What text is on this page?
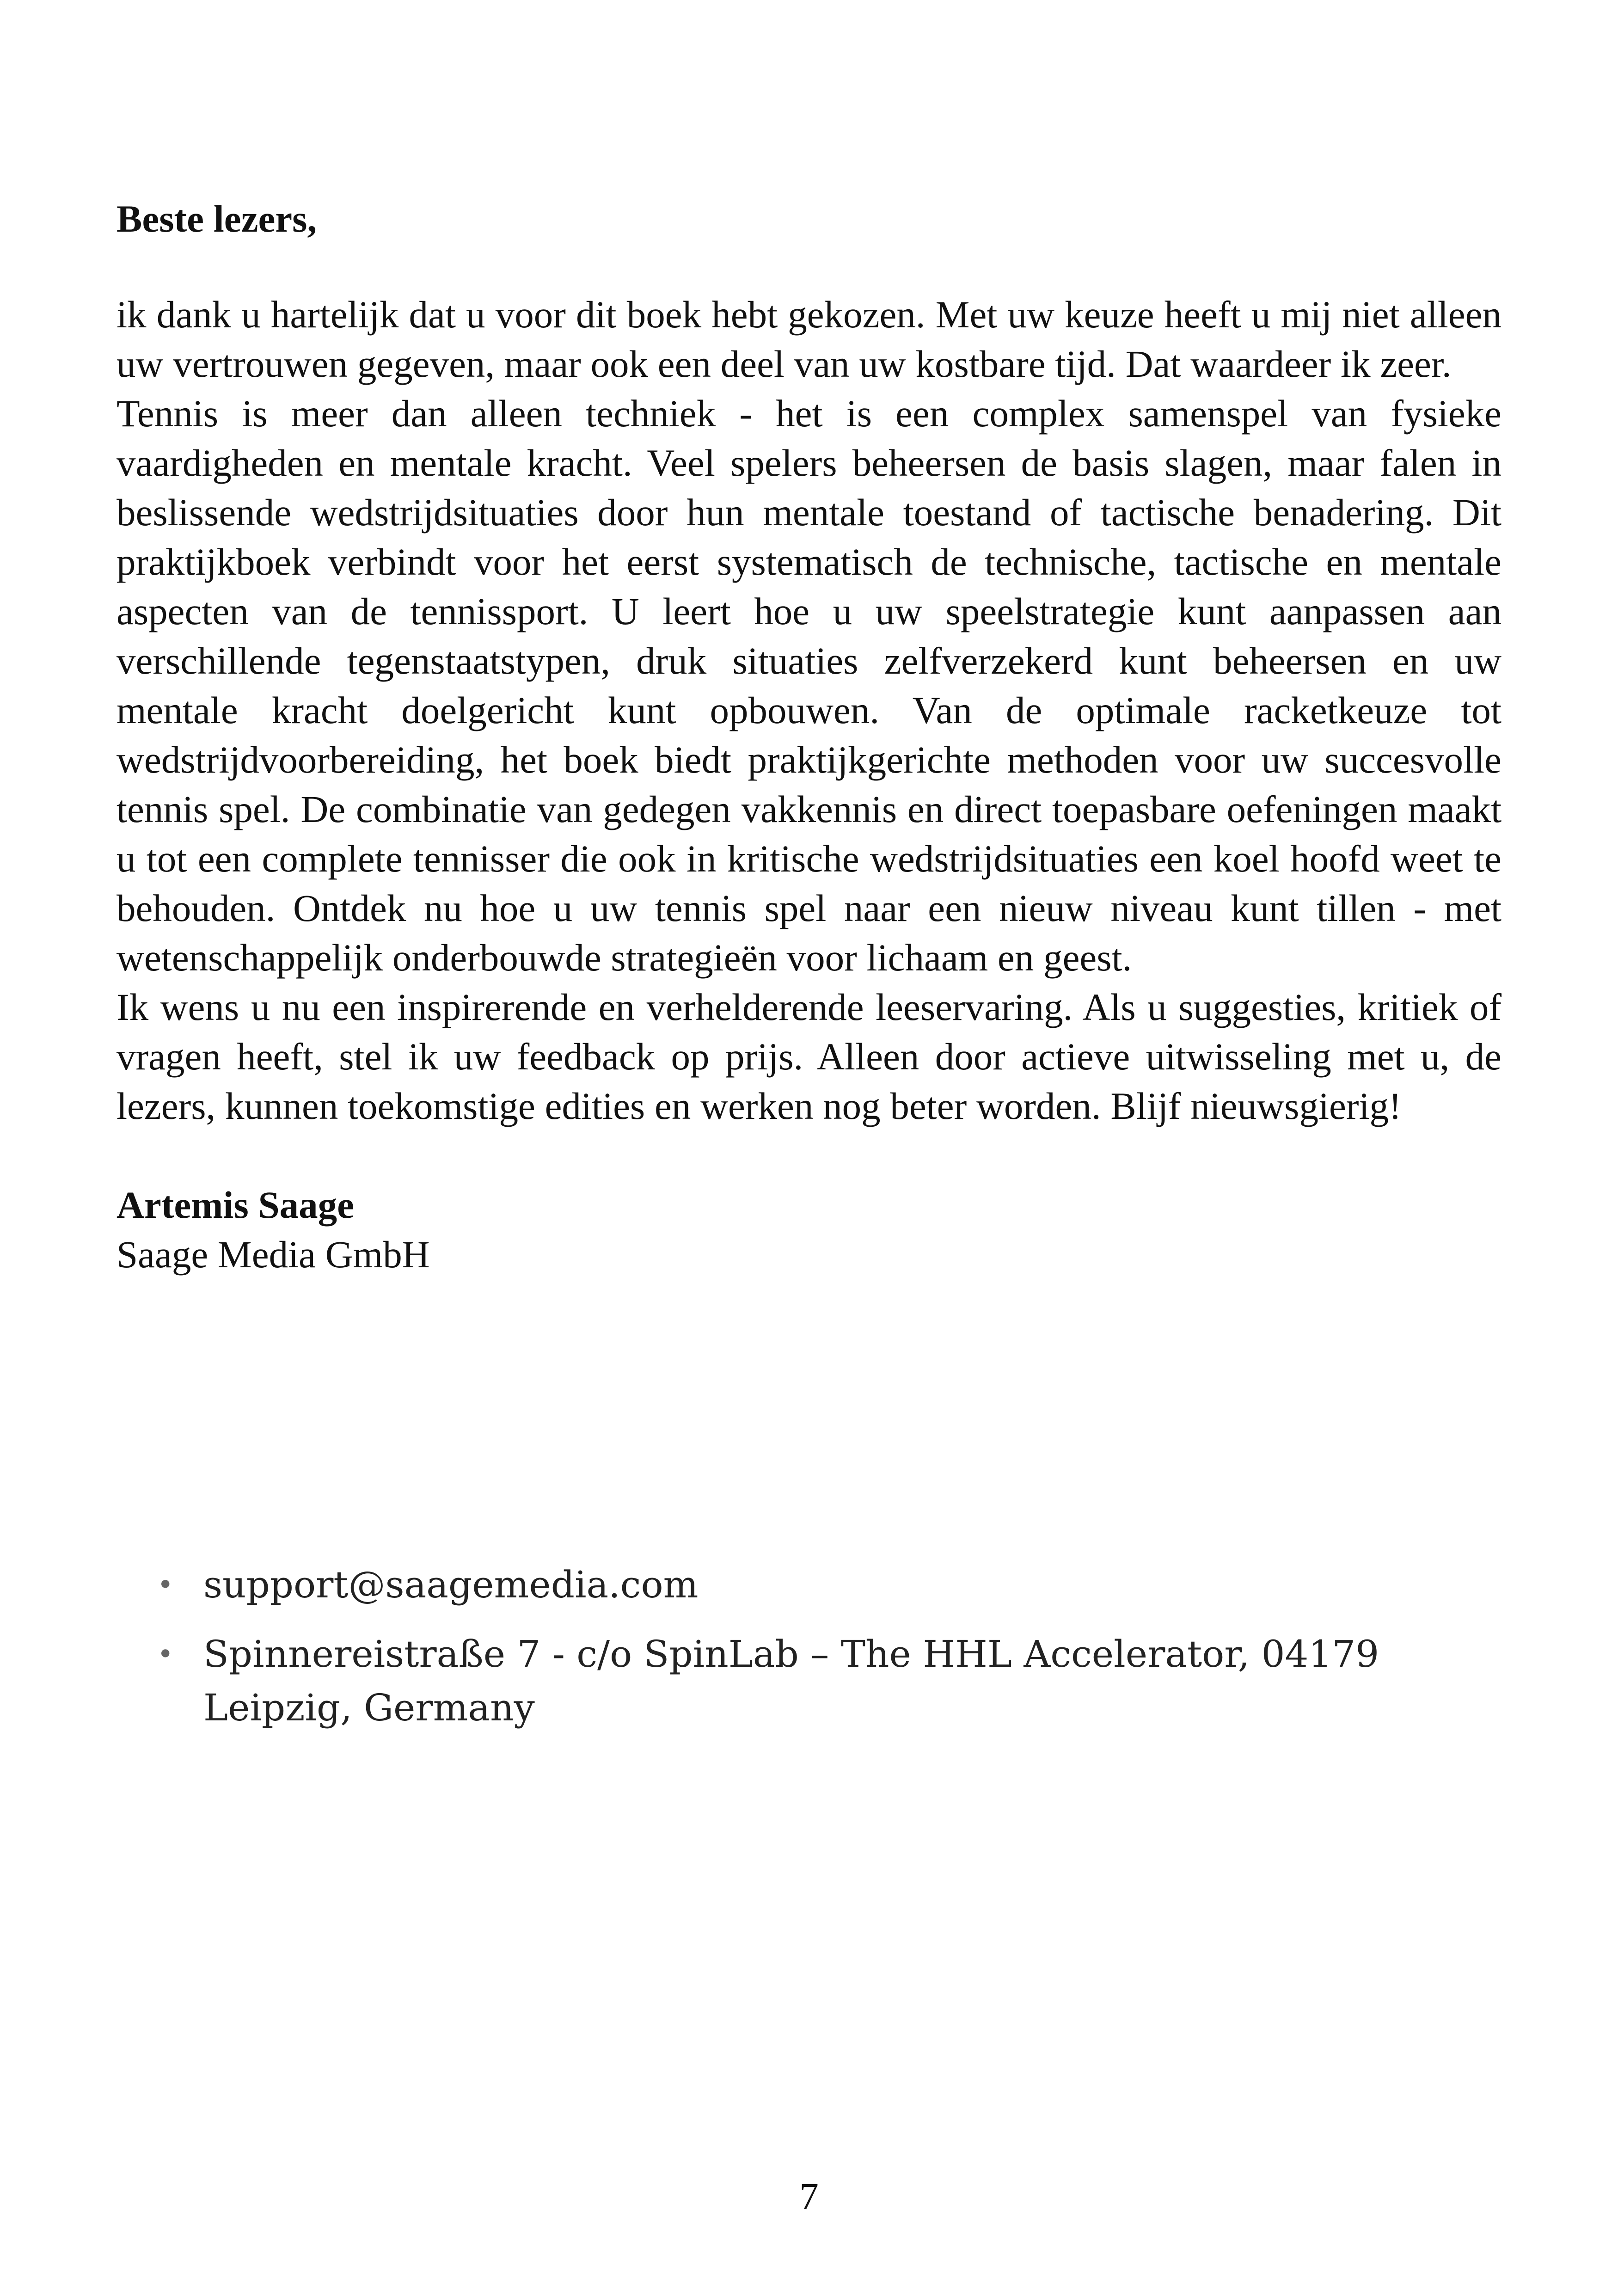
Beste lezers,

ik dank u hartelijk dat u voor dit boek hebt gekozen. Met uw keuze heeft u mij niet alleen uw vertrouwen gegeven, maar ook een deel van uw kostbare tijd. Dat waardeer ik zeer.

Tennis is meer dan alleen techniek - het is een complex samenspel van fysieke vaardigheden en mentale kracht. Veel spelers beheersen de basis slagen, maar falen in beslissende wedstrijdsituaties door hun mentale toestand of tactische benadering. Dit praktijkboek verbindt voor het eerst systematisch de technische, tactische en mentale aspecten van de tennissport. U leert hoe u uw speelstrategie kunt aanpassen aan verschillende tegenstaatstypen, druk situaties zelfverzekerd kunt beheersen en uw mentale kracht doelgericht kunt opbouwen. Van de optimale racketkeuze tot wedstrijdvoorbereiding, het boek biedt praktijkgerichte methoden voor uw succesvolle tennis spel. De combinatie van gedegen vakkennis en direct toepasbare oefeningen maakt u tot een complete tennisser die ook in kritische wedstrijdsituaties een koel hoofd weet te behouden. Ontdek nu hoe u uw tennis spel naar een nieuw niveau kunt tillen - met wetenschappelijk onderbouwde strategieën voor lichaam en geest.

Ik wens u nu een inspirerende en verhelderende leeservaring. Als u suggesties, kritiek of vragen heeft, stel ik uw feedback op prijs. Alleen door actieve uitwisseling met u, de lezers, kunnen toekomstige edities en werken nog beter worden. Blijf nieuwsgierig!

Artemis Saage

Saage Media GmbH

• support@saagemedia.com
• Spinnereistraße 7 - c/o SpinLab – The HHL Accelerator, 04179 Leipzig, Germany
7
